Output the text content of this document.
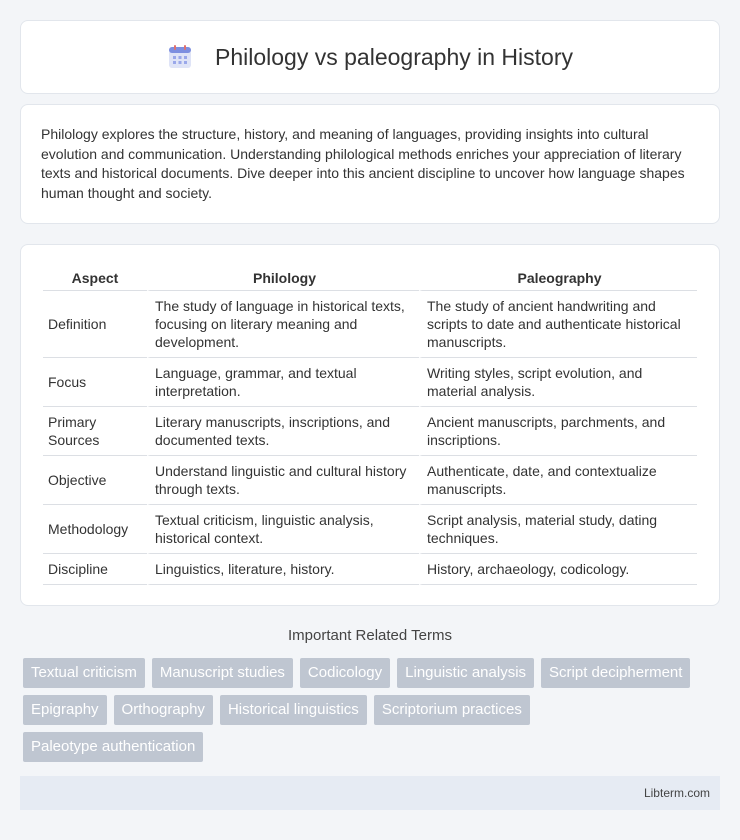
Philology vs paleography in History

Philology explores the structure, history, and meaning of languages, providing insights into cultural evolution and communication. Understanding philological methods enriches your appreciation of literary texts and historical documents. Dive deeper into this ancient discipline to uncover how language shapes human thought and society.

Aspect	Philology	Paleography
Definition	The study of language in historical texts, focusing on literary meaning and development.	The study of ancient handwriting and scripts to date and authenticate historical manuscripts.
Focus	Language, grammar, and textual interpretation.	Writing styles, script evolution, and material analysis.
Primary Sources	Literary manuscripts, inscriptions, and documented texts.	Ancient manuscripts, parchments, and inscriptions.
Objective	Understand linguistic and cultural history through texts.	Authenticate, date, and contextualize manuscripts.
Methodology	Textual criticism, linguistic analysis, historical context.	Script analysis, material study, dating techniques.
Discipline	Linguistics, literature, history.	History, archaeology, codicology.
Important Related Terms
Textual criticism	Manuscript studies	Codicology	Linguistic analysis	Script decipherment
Epigraphy	Orthography	Historical linguistics	Scriptorium practices
Paleotype authentication
Libterm.com
